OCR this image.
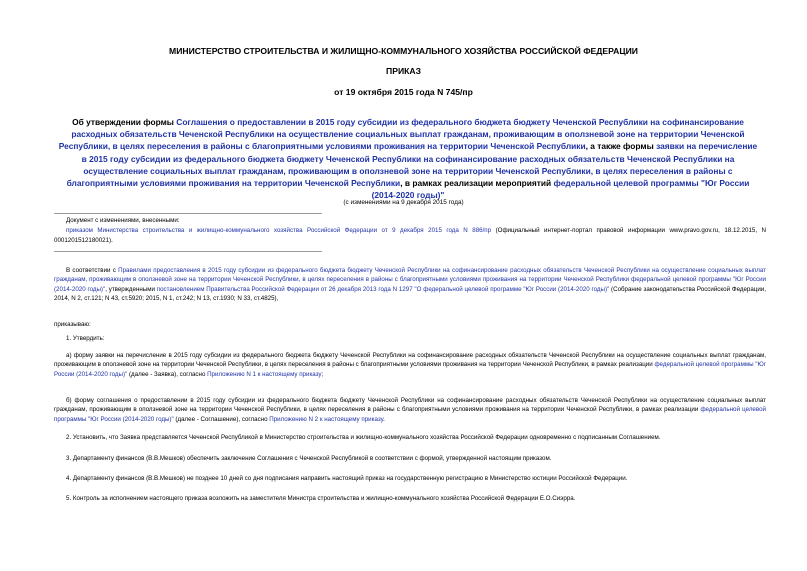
МИНИСТЕРСТВО СТРОИТЕЛЬСТВА И ЖИЛИЩНО-КОММУНАЛЬНОГО ХОЗЯЙСТВА РОССИЙСКОЙ ФЕДЕРАЦИИ
ПРИКАЗ
от 19 октября 2015 года N 745/пр
Об утверждении формы Соглашения о предоставлении в 2015 году субсидии из федерального бюджета бюджету Чеченской Республики на софинансирование расходных обязательств Чеченской Республики на осуществление социальных выплат гражданам, проживающим в оползневой зоне на территории Чеченской Республики, в целях переселения в районы с благоприятными условиями проживания на территории Чеченской Республики, а также формы заявки на перечисление в 2015 году субсидии из федерального бюджета бюджету Чеченской Республики на софинансирование расходных обязательств Чеченской Республики на осуществление социальных выплат гражданам, проживающим в оползневой зоне на территории Чеченской Республики, в целях переселения в районы с благоприятными условиями проживания на территории Чеченской Республики, в рамках реализации мероприятий федеральной целевой программы "Юг России (2014-2020 годы)"
(с изменениями на 9 декабря 2015 года)
Документ с изменениями, внесенными:
приказом Министерства строительства и жилищно-коммунального хозяйства Российской Федерации от 9 декабря 2015 года N 886/пр (Официальный интернет-портал правовой информации www.pravo.gov.ru, 18.12.2015, N 0001201512180021).
В соответствии с Правилами предоставления в 2015 году субсидии из федерального бюджета бюджету Чеченской Республики на софинансирование расходных обязательств Чеченской Республики на осуществление социальных выплат гражданам, проживающим в оползневой зоне на территории Чеченской Республики, в целях переселения в районы с благоприятными условиями проживания на территории Чеченской Республики федеральной целевой программы "Юг России (2014-2020 годы)", утвержденными постановлением Правительства Российской Федерации от 26 декабря 2013 года N 1297 "О федеральной целевой программе "Юг России (2014-2020 годы)" (Собрание законодательства Российской Федерации, 2014, N 2, ст.121; N 43, ст.5920; 2015, N 1, ст.242; N 13, ст.1930; N 33, ст.4825),
приказываю:
1. Утвердить:
а) форму заявки на перечисление в 2015 году субсидии из федерального бюджета бюджету Чеченской Республики на софинансирование расходных обязательств Чеченской Республики на осуществление социальных выплат гражданам, проживающим в оползневой зоне на территории Чеченской Республики, в целях переселения в районы с благоприятными условиями проживания на территории Чеченской Республики, в рамках реализации федеральной целевой программы "Юг России (2014-2020 годы)" (далее - Заявка), согласно Приложению N 1 к настоящему приказу;
б) форму соглашения о предоставлении в 2015 году субсидии из федерального бюджета бюджету Чеченской Республики на софинансирование расходных обязательств Чеченской Республики на осуществление социальных выплат гражданам, проживающим в оползневой зоне на территории Чеченской Республики, в целях переселения в районы с благоприятными условиями проживания на территории Чеченской Республики, в рамках реализации федеральной целевой программы "Юг России (2014-2020 годы)" (далее - Соглашение), согласно Приложению N 2 к настоящему приказу.
2. Установить, что Заявка представляется Чеченской Республикой в Министерство строительства и жилищно-коммунального хозяйства Российской Федерации одновременно с подписанным Соглашением.
3. Департаменту финансов (В.В.Мешков) обеспечить заключение Соглашения с Чеченской Республикой в соответствии с формой, утвержденной настоящим приказом.
4. Департаменту финансов (В.В.Мешков) не позднее 10 дней со дня подписания направить настоящий приказ на государственную регистрацию в Министерство юстиции Российской Федерации.
5. Контроль за исполнением настоящего приказа возложить на заместителя Министра строительства и жилищно-коммунального хозяйства Российской Федерации Е.О.Сиэрра.
